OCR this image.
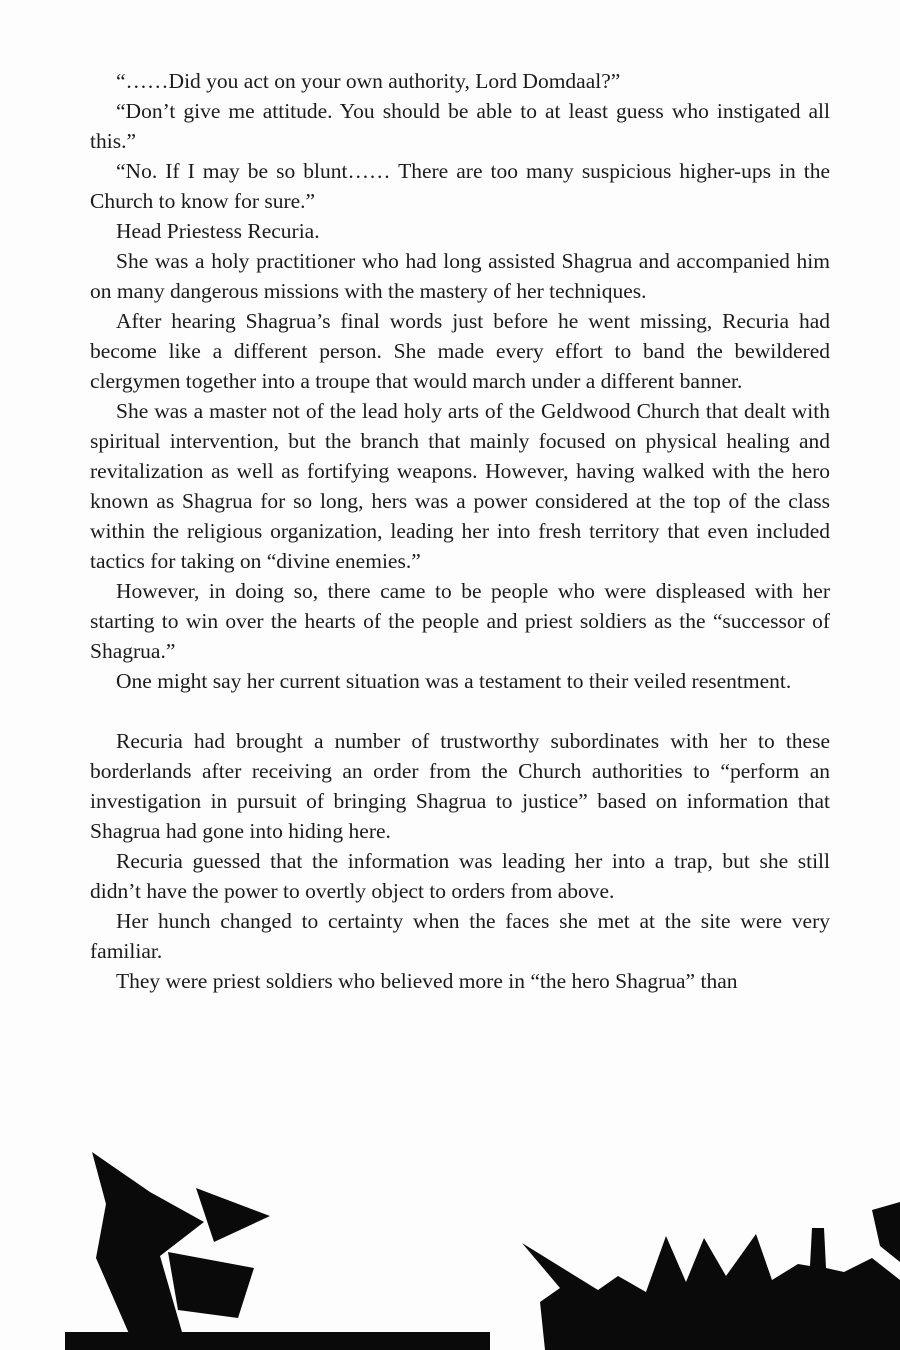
“……Did you act on your own authority, Lord Domdaal?”

“Don’t give me attitude. You should be able to at least guess who instigated all this.”

“No. If I may be so blunt…… There are too many suspicious higher-ups in the Church to know for sure.”

Head Priestess Recuria.

She was a holy practitioner who had long assisted Shagrua and accompanied him on many dangerous missions with the mastery of her techniques.

After hearing Shagrua’s final words just before he went missing, Recuria had become like a different person. She made every effort to band the bewildered clergymen together into a troupe that would march under a different banner.

She was a master not of the lead holy arts of the Geldwood Church that dealt with spiritual intervention, but the branch that mainly focused on physical healing and revitalization as well as fortifying weapons. However, having walked with the hero known as Shagrua for so long, hers was a power considered at the top of the class within the religious organization, leading her into fresh territory that even included tactics for taking on “divine enemies.”

However, in doing so, there came to be people who were displeased with her starting to win over the hearts of the people and priest soldiers as the “successor of Shagrua.”

One might say her current situation was a testament to their veiled resentment.

Recuria had brought a number of trustworthy subordinates with her to these borderlands after receiving an order from the Church authorities to “perform an investigation in pursuit of bringing Shagrua to justice” based on information that Shagrua had gone into hiding here.

Recuria guessed that the information was leading her into a trap, but she still didn’t have the power to overtly object to orders from above.

Her hunch changed to certainty when the faces she met at the site were very familiar.

They were priest soldiers who believed more in “the hero Shagrua” than
